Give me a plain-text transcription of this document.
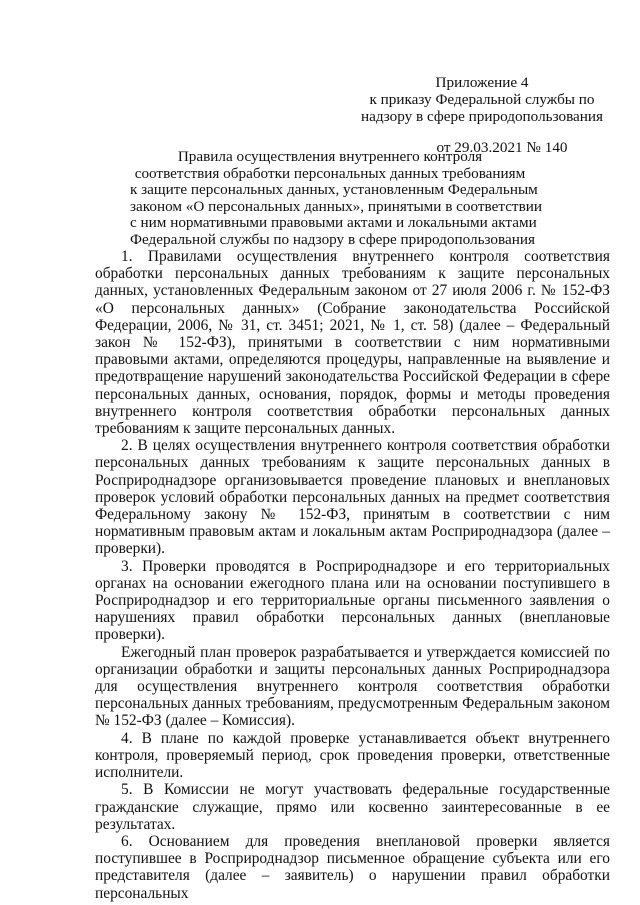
Приложение 4
к приказу Федеральной службы по
надзору в сфере природопользования
от 29.03.2021 № 140
Правила осуществления внутреннего контроля
соответствия обработки персональных данных требованиям
к защите персональных данных, установленным Федеральным
законом «О персональных данных», принятыми в соответствии
с ним нормативными правовыми актами и локальными актами
Федеральной службы по надзору в сфере природопользования

1. Правилами осуществления внутреннего контроля соответствия обработки персональных данных требованиям к защите персональных данных, установленных Федеральным законом от 27 июля 2006 г. № 152-ФЗ «О персональных данных» (Собрание законодательства Российской Федерации, 2006, № 31, ст. 3451; 2021, № 1, ст. 58) (далее – Федеральный закон № 152-ФЗ), принятыми в соответствии с ним нормативными правовыми актами, определяются процедуры, направленные на выявление и предотвращение нарушений законодательства Российской Федерации в сфере персональных данных, основания, порядок, формы и методы проведения внутреннего контроля соответствия обработки персональных данных требованиям к защите персональных данных.

2. В целях осуществления внутреннего контроля соответствия обработки персональных данных требованиям к защите персональных данных в Росприроднадзоре организовывается проведение плановых и внеплановых проверок условий обработки персональных данных на предмет соответствия Федеральному закону № 152-ФЗ, принятым в соответствии с ним нормативным правовым актам и локальным актам Росприроднадзора (далее – проверки).

3. Проверки проводятся в Росприроднадзоре и его территориальных органах на основании ежегодного плана или на основании поступившего в Росприроднадзор и его территориальные органы письменного заявления о нарушениях правил обработки персональных данных (внеплановые проверки).

Ежегодный план проверок разрабатывается и утверждается комиссией по организации обработки и защиты персональных данных Росприроднадзора для осуществления внутреннего контроля соответствия обработки персональных данных требованиям, предусмотренным Федеральным законом № 152-ФЗ (далее – Комиссия).

4. В плане по каждой проверке устанавливается объект внутреннего контроля, проверяемый период, срок проведения проверки, ответственные исполнители.

5. В Комиссии не могут участвовать федеральные государственные гражданские служащие, прямо или косвенно заинтересованные в ее результатах.

6. Основанием для проведения внеплановой проверки является поступившее в Росприроднадзор письменное обращение субъекта или его представителя (далее – заявитель) о нарушении правил обработки персональных
